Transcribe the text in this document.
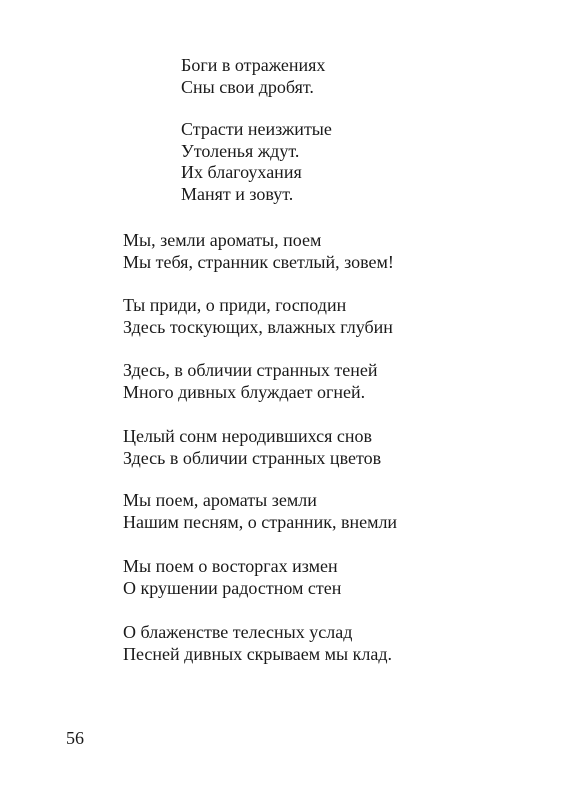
Боги в отражениях
Сны свои дробят.
Страсти неизжитые
Утоленья ждут.
Их благоухания
Манят и зовут.
Мы, земли ароматы, поем
Мы тебя, странник светлый, зовем!
Ты приди, о приди, господин
Здесь тоскующих, влажных глубин
Здесь, в обличии странных теней
Много дивных блуждает огней.
Целый сонм неродившихся снов
Здесь в обличии странных цветов
Мы поем, ароматы земли
Нашим песням, о странник, внемли
Мы поем о восторгах измен
О крушении радостном стен
О блаженстве телесных услад
Песней дивных скрываем мы клад.
56
